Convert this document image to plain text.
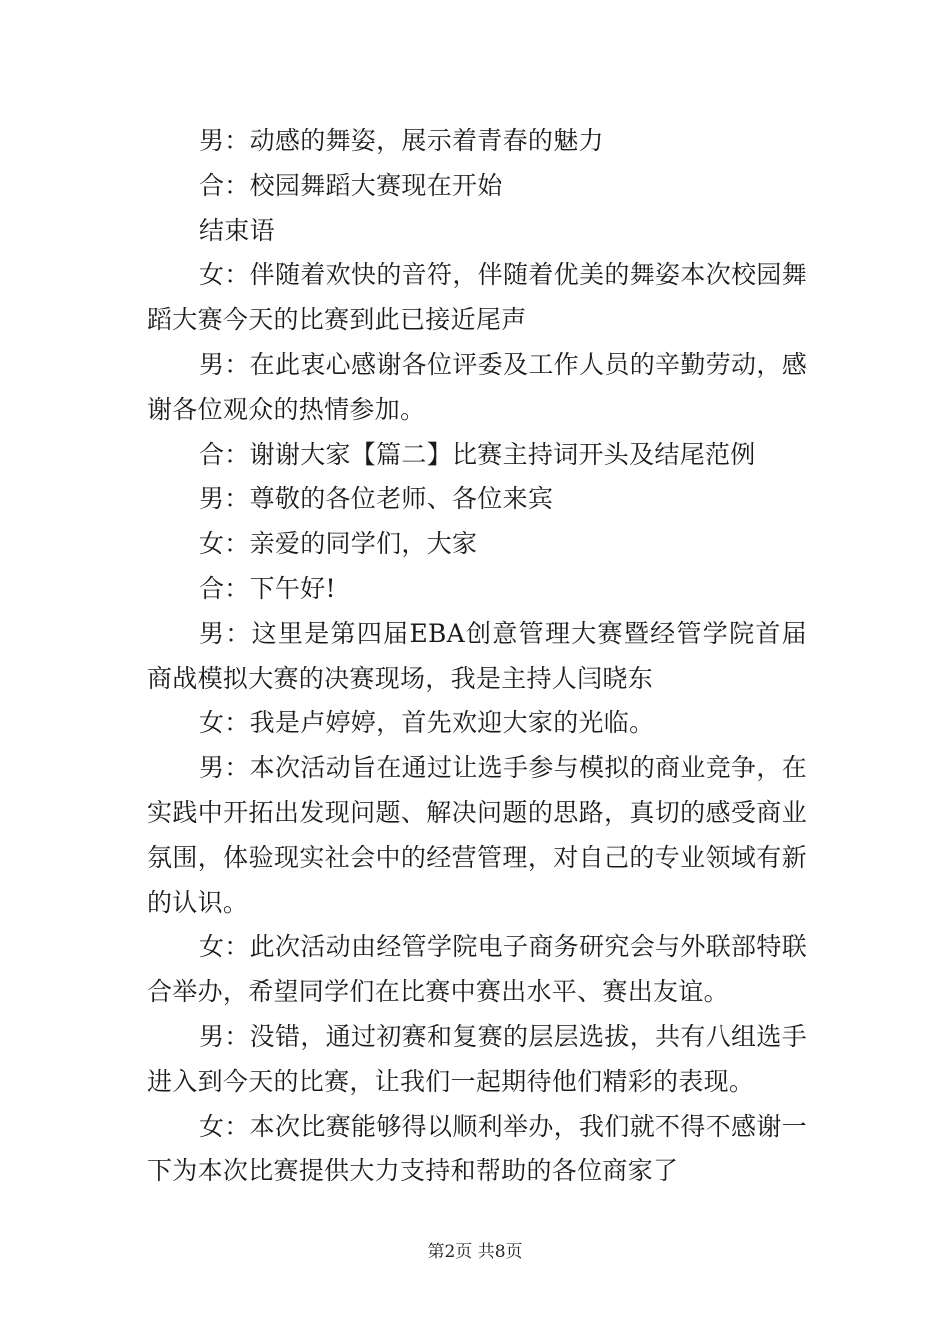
男：动感的舞姿，展示着青春的魅力

合：校园舞蹈大赛现在开始

结束语

女：伴随着欢快的音符，伴随着优美的舞姿本次校园舞蹈大赛今天的比赛到此已接近尾声

男：在此衷心感谢各位评委及工作人员的辛勤劳动，感谢各位观众的热情参加。

合：谢谢大家【篇二】比赛主持词开头及结尾范例

男：尊敬的各位老师、各位来宾

女：亲爱的同学们，大家

合：下午好!

男：这里是第四届EBA创意管理大赛暨经管学院首届商战模拟大赛的决赛现场，我是主持人闫晓东

女：我是卢婷婷，首先欢迎大家的光临。

男：本次活动旨在通过让选手参与模拟的商业竞争，在实践中开拓出发现问题、解决问题的思路，真切的感受商业氛围，体验现实社会中的经营管理，对自己的专业领域有新的认识。

女：此次活动由经管学院电子商务研究会与外联部特联合举办，希望同学们在比赛中赛出水平、赛出友谊。

男：没错，通过初赛和复赛的层层选拔，共有八组选手进入到今天的比赛，让我们一起期待他们精彩的表现。

女：本次比赛能够得以顺利举办，我们就不得不感谢一下为本次比赛提供大力支持和帮助的各位商家了

第2页 共8页
